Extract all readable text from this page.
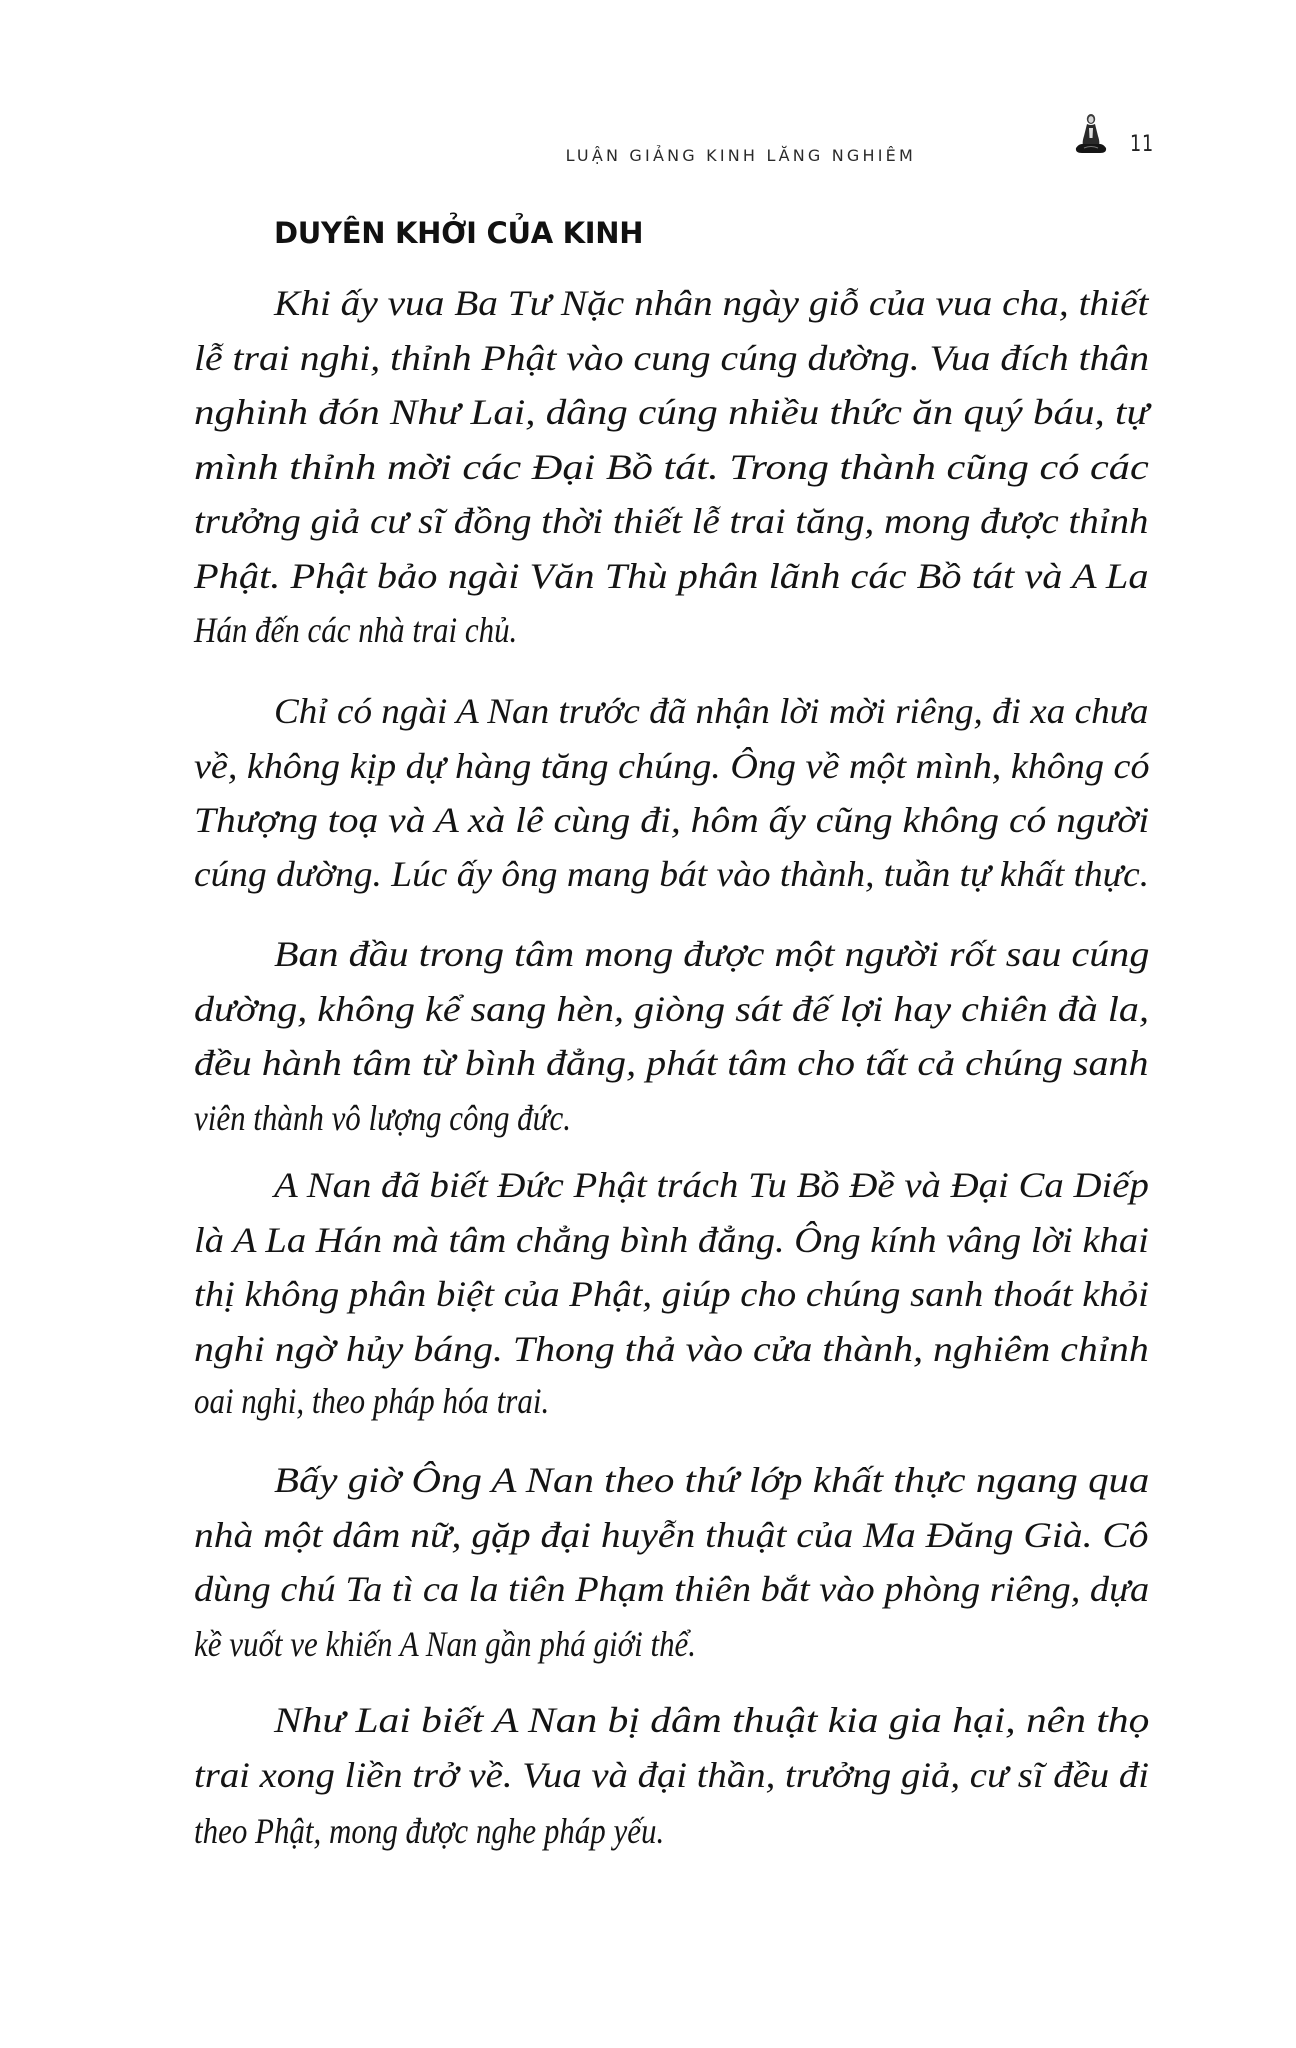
LUẬN GIẢNG KINH LĂNG NGHIÊM	11
DUYÊN KHỞI CỦA KINH
Khi ấy vua Ba Tư Nặc nhân ngày giỗ của vua cha, thiết
lễ trai nghi, thỉnh Phật vào cung cúng dường. Vua đích thân
nghinh đón Như Lai, dâng cúng nhiều thức ăn quý báu, tự
mình thỉnh mời các Đại Bồ tát. Trong thành cũng có các
trưởng giả cư sĩ đồng thời thiết lễ trai tăng, mong được thỉnh
Phật. Phật bảo ngài Văn Thù phân lãnh các Bồ tát và A La
Hán đến các nhà trai chủ.
Chỉ có ngài A Nan trước đã nhận lời mời riêng, đi xa chưa
về, không kịp dự hàng tăng chúng. Ông về một mình, không có
Thượng toạ và A xà lê cùng đi, hôm ấy cũng không có người
cúng dường. Lúc ấy ông mang bát vào thành, tuần tự khất thực.
Ban đầu trong tâm mong được một người rốt sau cúng
dường, không kể sang hèn, giòng sát đế lợi hay chiên đà la,
đều hành tâm từ bình đẳng, phát tâm cho tất cả chúng sanh
viên thành vô lượng công đức.
A Nan đã biết Đức Phật trách Tu Bồ Đề và Đại Ca Diếp
là A La Hán mà tâm chẳng bình đẳng. Ông kính vâng lời khai
thị không phân biệt của Phật, giúp cho chúng sanh thoát khỏi
nghi ngờ hủy báng. Thong thả vào cửa thành, nghiêm chỉnh
oai nghi, theo pháp hóa trai.
Bấy giờ Ông A Nan theo thứ lớp khất thực ngang qua
nhà một dâm nữ, gặp đại huyễn thuật của Ma Đăng Già. Cô
dùng chú Ta tì ca la tiên Phạm thiên bắt vào phòng riêng, dựa
kề vuốt ve khiến A Nan gần phá giới thể.
Như Lai biết A Nan bị dâm thuật kia gia hại, nên thọ
trai xong liền trở về. Vua và đại thần, trưởng giả, cư sĩ đều đi
theo Phật, mong được nghe pháp yếu.
